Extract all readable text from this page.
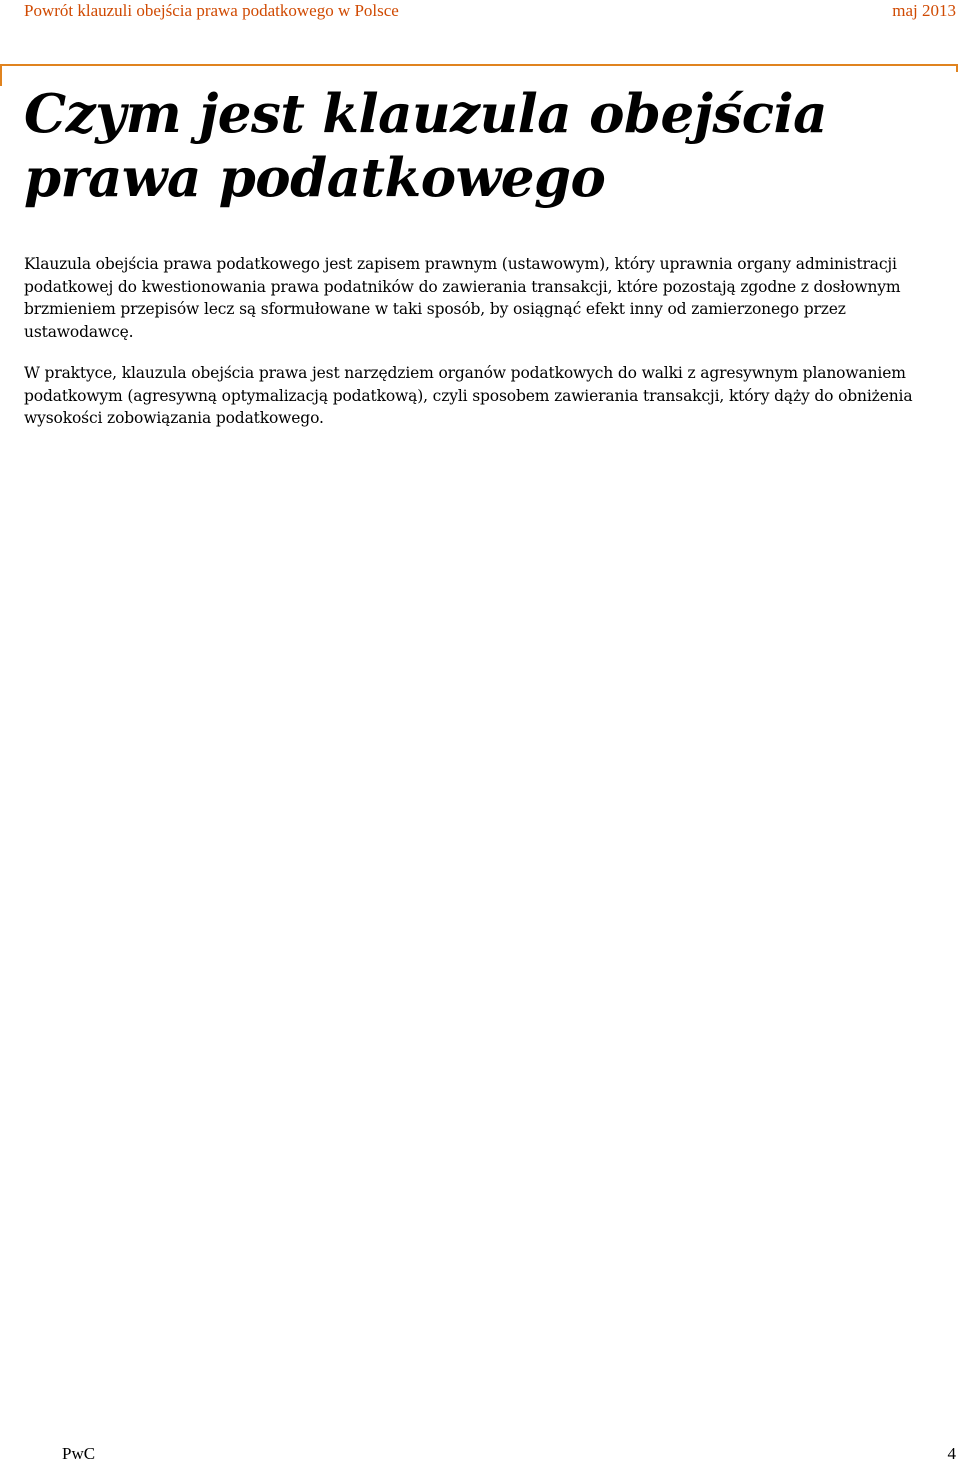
Powrót klauzuli obejścia prawa podatkowego w Polsce	maj 2013
Czym jest klauzula obejścia
prawa podatkowego

Klauzula obejścia prawa podatkowego jest zapisem prawnym (ustawowym), który uprawnia organy administracji podatkowej do kwestionowania prawa podatników do zawierania transakcji, które pozostają zgodne z dosłownym brzmieniem przepisów lecz są sformułowane w taki sposób, by osiągnąć efekt inny od zamierzonego przez ustawodawcę.

W praktyce, klauzula obejścia prawa jest narzędziem organów podatkowych do walki z agresywnym planowaniem podatkowym (agresywną optymalizacją podatkową), czyli sposobem zawierania transakcji, który dąży do obniżenia wysokości zobowiązania podatkowego.

PwC	4
